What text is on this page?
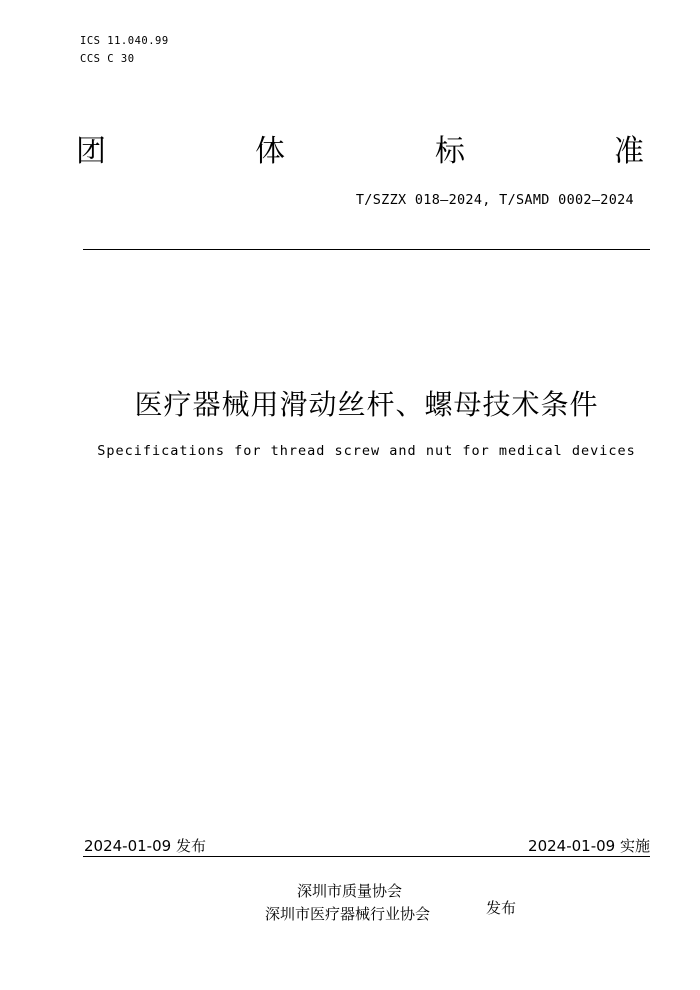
ICS 11.040.99
CCS C 30
团	体	标	准
T/SZZX 018—2024, T/SAMD 0002—2024
医疗器械用滑动丝杆、螺母技术条件
Specifications for thread screw and nut for medical devices
2024-01-09 发布	2024-01-09 实施
深圳市质量协会
深圳市医疗器械行业协会	发布
